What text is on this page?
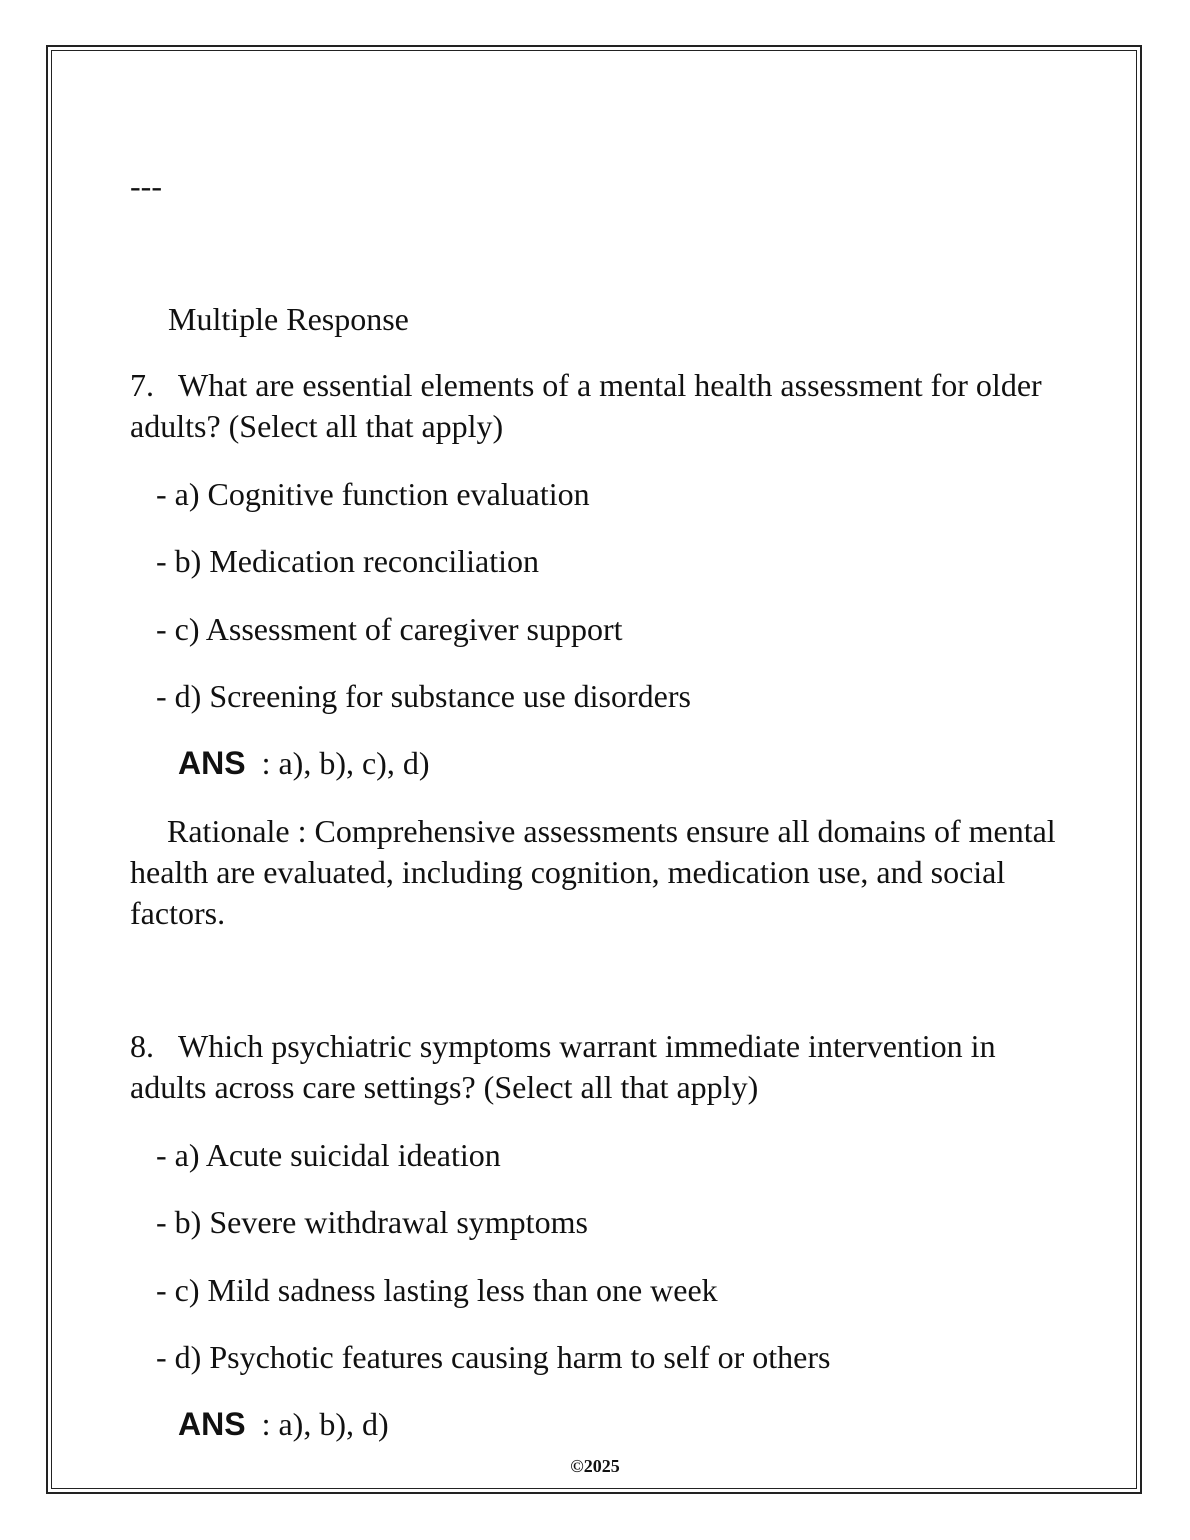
---
Multiple Response
7. What are essential elements of a mental health assessment for older adults? (Select all that apply)
- a) Cognitive function evaluation
- b) Medication reconciliation
- c) Assessment of caregiver support
- d) Screening for substance use disorders
ANS : a), b), c), d)
Rationale : Comprehensive assessments ensure all domains of mental health are evaluated, including cognition, medication use, and social factors.
8. Which psychiatric symptoms warrant immediate intervention in adults across care settings? (Select all that apply)
- a) Acute suicidal ideation
- b) Severe withdrawal symptoms
- c) Mild sadness lasting less than one week
- d) Psychotic features causing harm to self or others
ANS : a), b), d)
©2025
